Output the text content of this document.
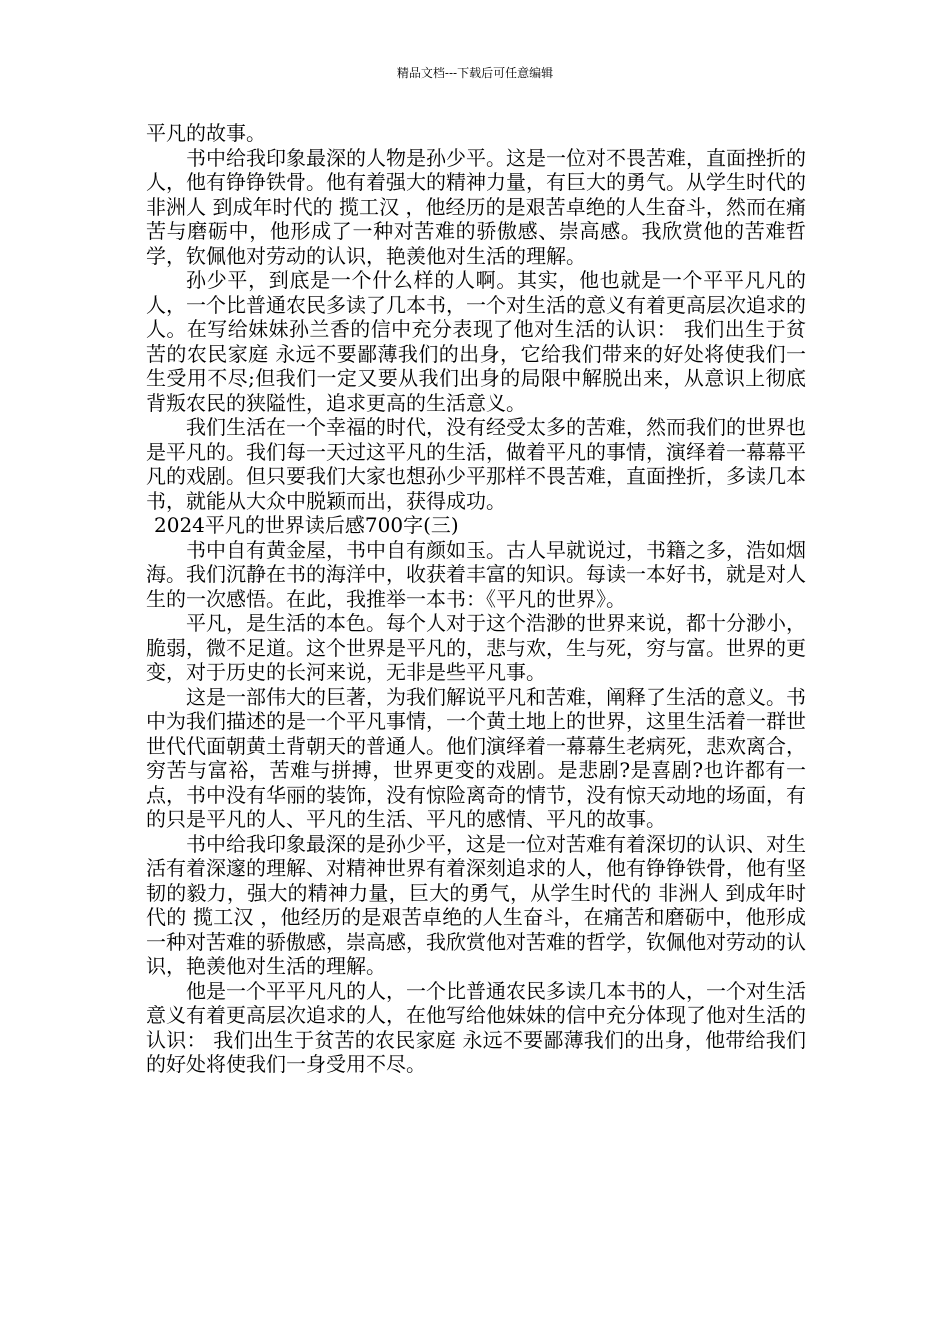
精品文档---下载后可任意编辑

平凡的故事。

书中给我印象最深的人物是孙少平。这是一位对不畏苦难，直面挫折的人，他有铮铮铁骨。他有着强大的精神力量，有巨大的勇气。从学生时代的 非洲人 到成年时代的 揽工汉 ，他经历的是艰苦卓绝的人生奋斗，然而在痛苦与磨砺中，他形成了一种对苦难的骄傲感、崇高感。我欣赏他的苦难哲学，钦佩他对劳动的认识，艳羡他对生活的理解。

孙少平，到底是一个什么样的人啊。其实，他也就是一个平平凡凡的人，一个比普通农民多读了几本书，一个对生活的意义有着更高层次追求的人。在写给妹妹孙兰香的信中充分表现了他对生活的认识： 我们出生于贫苦的农民家庭 永远不要鄙薄我们的出身，它给我们带来的好处将使我们一生受用不尽;但我们一定又要从我们出身的局限中解脱出来，从意识上彻底背叛农民的狭隘性，追求更高的生活意义。

我们生活在一个幸福的时代，没有经受太多的苦难，然而我们的世界也是平凡的。我们每一天过这平凡的生活，做着平凡的事情，演绎着一幕幕平凡的戏剧。但只要我们大家也想孙少平那样不畏苦难，直面挫折，多读几本书，就能从大众中脱颖而出，获得成功。

2024平凡的世界读后感700字(三)

书中自有黄金屋，书中自有颜如玉。古人早就说过，书籍之多，浩如烟海。我们沉静在书的海洋中，收获着丰富的知识。每读一本好书，就是对人生的一次感悟。在此，我推举一本书：《平凡的世界》。

平凡，是生活的本色。每个人对于这个浩渺的世界来说，都十分渺小，脆弱，微不足道。这个世界是平凡的，悲与欢，生与死，穷与富。世界的更变，对于历史的长河来说，无非是些平凡事。

这是一部伟大的巨著，为我们解说平凡和苦难，阐释了生活的意义。书中为我们描述的是一个平凡事情，一个黄土地上的世界，这里生活着一群世世代代面朝黄土背朝天的普通人。他们演绎着一幕幕生老病死，悲欢离合，穷苦与富裕，苦难与拼搏，世界更变的戏剧。是悲剧?是喜剧?也许都有一点，书中没有华丽的装饰，没有惊险离奇的情节，没有惊天动地的场面，有的只是平凡的人、平凡的生活、平凡的感情、平凡的故事。

书中给我印象最深的是孙少平，这是一位对苦难有着深切的认识、对生活有着深邃的理解、对精神世界有着深刻追求的人，他有铮铮铁骨，他有坚韧的毅力，强大的精神力量，巨大的勇气，从学生时代的 非洲人 到成年时代的 揽工汉 ，他经历的是艰苦卓绝的人生奋斗，在痛苦和磨砺中，他形成一种对苦难的骄傲感，崇高感，我欣赏他对苦难的哲学，钦佩他对劳动的认识，艳羡他对生活的理解。

他是一个平平凡凡的人，一个比普通农民多读几本书的人，一个对生活意义有着更高层次追求的人，在他写给他妹妹的信中充分体现了他对生活的认识： 我们出生于贫苦的农民家庭 永远不要鄙薄我们的出身，他带给我们的好处将使我们一身受用不尽。
